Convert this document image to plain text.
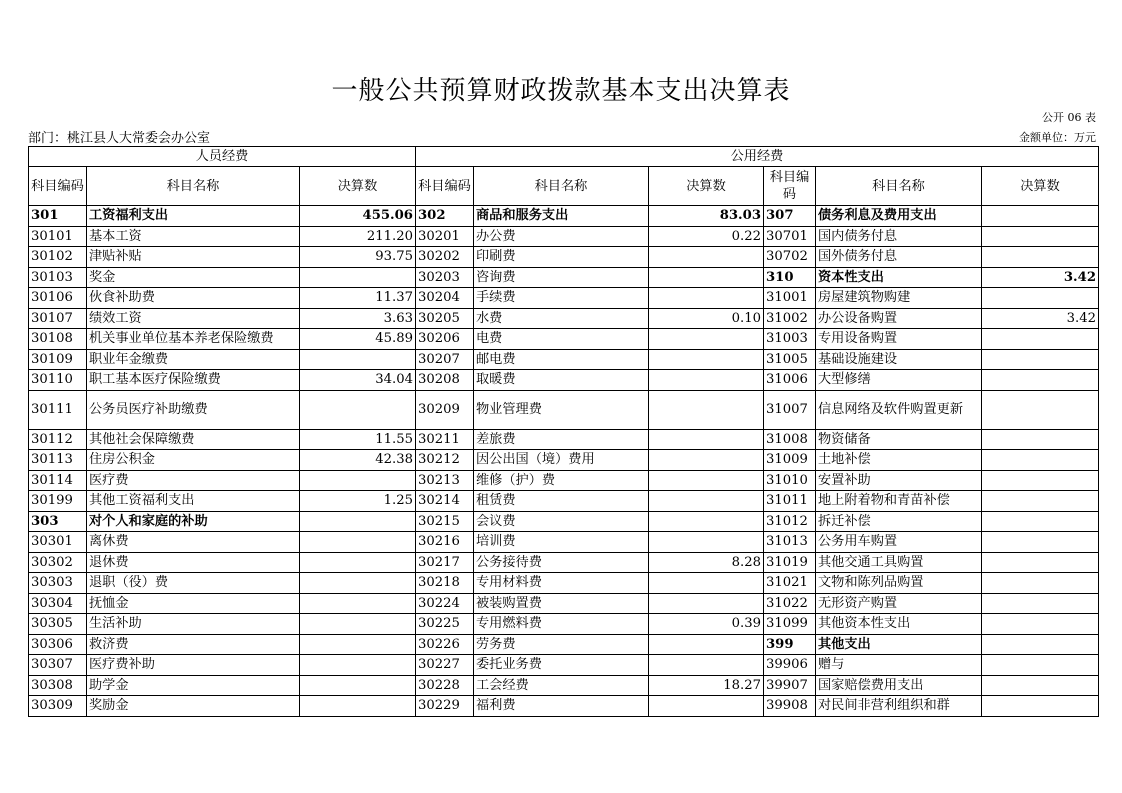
一般公共预算财政拨款基本支出决算表
公开 06 表
部门：桃江县人大常委会办公室	金额单位：万元
人员经费			公用经费					
科目编码	科目名称	决算数	科目编码	科目名称	决算数	科目编码	科目名称	决算数
301	工资福利支出	455.06	302	商品和服务支出	83.03	307	债务利息及费用支出	
30101	基本工资	211.20	30201	办公费	0.22	30701	国内债务付息	
30102	津贴补贴	93.75	30202	印刷费		30702	国外债务付息	
30103	奖金		30203	咨询费		310	资本性支出	3.42
30106	伙食补助费	11.37	30204	手续费		31001	房屋建筑物购建	
30107	绩效工资	3.63	30205	水费	0.10	31002	办公设备购置	3.42
30108	机关事业单位基本养老保险缴费	45.89	30206	电费		31003	专用设备购置	
30109	职业年金缴费		30207	邮电费		31005	基础设施建设	
30110	职工基本医疗保险缴费	34.04	30208	取暖费		31006	大型修缮	
30111	公务员医疗补助缴费		30209	物业管理费		31007	信息网络及软件购置更新	
30112	其他社会保障缴费	11.55	30211	差旅费		31008	物资储备	
30113	住房公积金	42.38	30212	因公出国（境）费用		31009	土地补偿	
30114	医疗费		30213	维修（护）费		31010	安置补助	
30199	其他工资福利支出	1.25	30214	租赁费		31011	地上附着物和青苗补偿	
303	对个人和家庭的补助		30215	会议费		31012	拆迁补偿	
30301	离休费		30216	培训费		31013	公务用车购置	
30302	退休费		30217	公务接待费	8.28	31019	其他交通工具购置	
30303	退职（役）费		30218	专用材料费		31021	文物和陈列品购置	
30304	抚恤金		30224	被装购置费		31022	无形资产购置	
30305	生活补助		30225	专用燃料费	0.39	31099	其他资本性支出	
30306	救济费		30226	劳务费		399	其他支出	
30307	医疗费补助		30227	委托业务费		39906	赠与	
30308	助学金		30228	工会经费	18.27	39907	国家赔偿费用支出	
30309	奖励金		30229	福利费		39908	对民间非营利组织和群	
